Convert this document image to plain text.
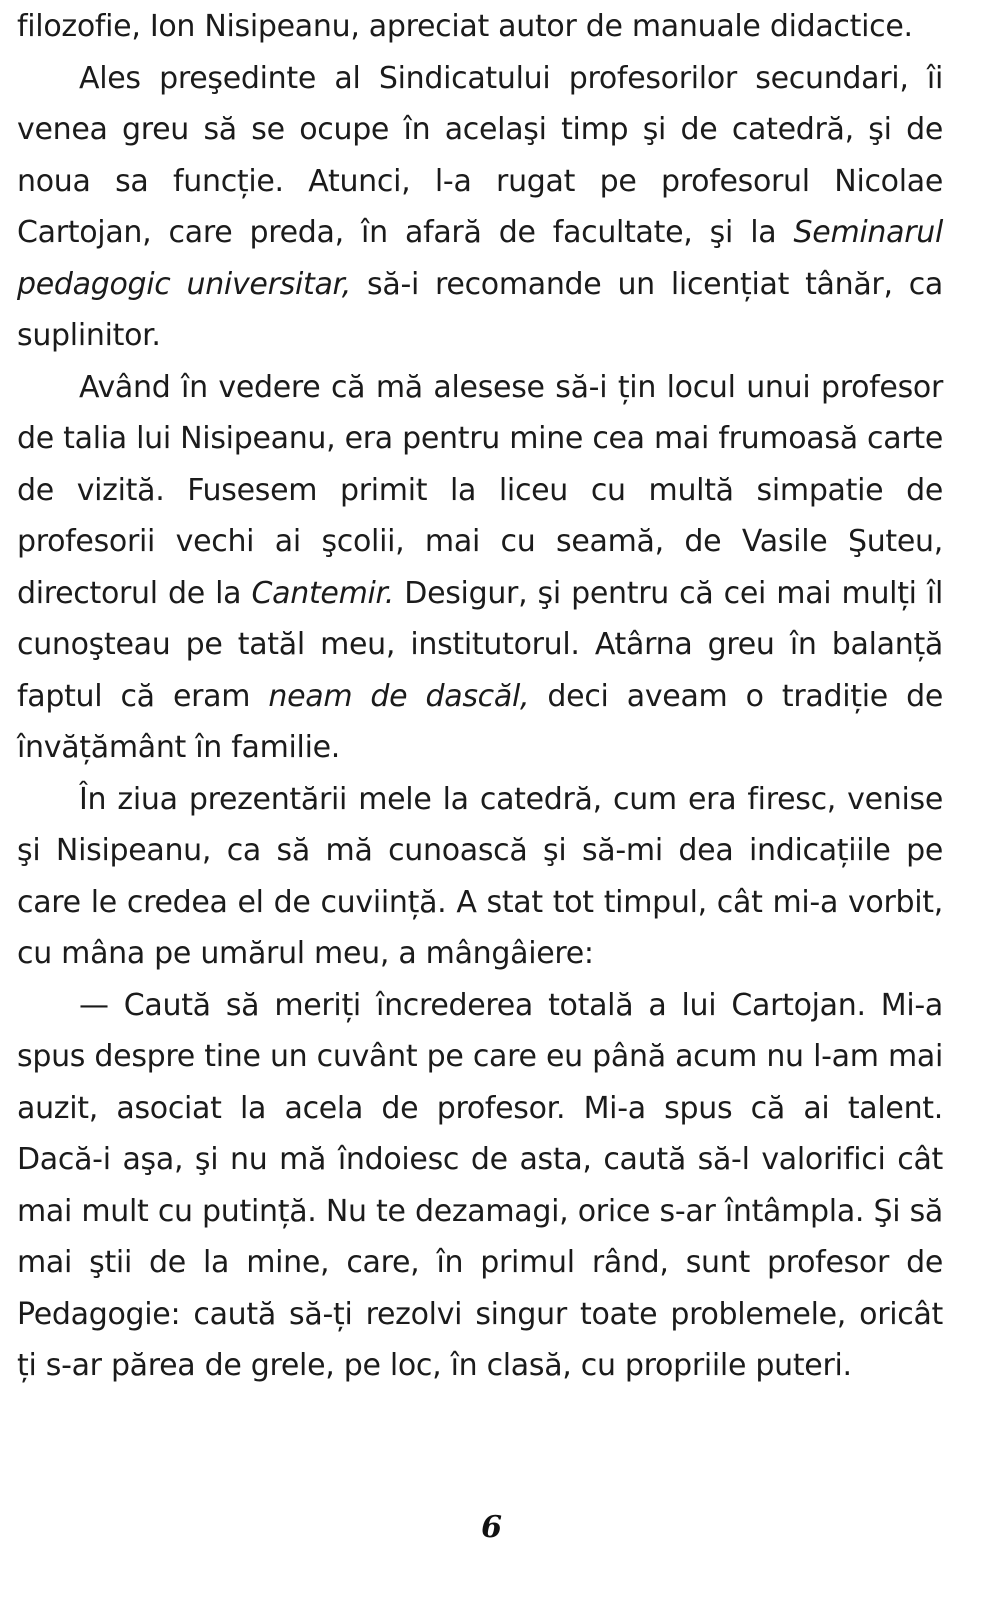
filozofie, Ion Nisipeanu, apreciat autor de manuale didactice.

Ales preşedinte al Sindicatului profesorilor secundari, îi venea greu să se ocupe în acelaşi timp şi de catedră, şi de noua sa funcție. Atunci, l-a rugat pe profesorul Nicolae Cartojan, care preda, în afară de facultate, şi la Seminarul pedagogic universitar, să-i recomande un licențiat tânăr, ca suplinitor.

Având în vedere că mă alesese să-i țin locul unui profesor de talia lui Nisipeanu, era pentru mine cea mai frumoasă carte de vizită. Fusesem primit la liceu cu multă simpatie de profesorii vechi ai şcolii, mai cu seamă, de Vasile Şuteu, directorul de la Cantemir. Desigur, şi pentru că cei mai mulți îl cunoşteau pe tatăl meu, institutorul. Atârna greu în balanță faptul că eram neam de dascăl, deci aveam o tradiție de învățământ în familie.

În ziua prezentării mele la catedră, cum era firesc, venise şi Nisipeanu, ca să mă cunoască şi să-mi dea indicațiile pe care le credea el de cuviință. A stat tot timpul, cât mi-a vorbit, cu mâna pe umărul meu, a mângâiere:

— Caută să meriți încrederea totală a lui Cartojan. Mi-a spus despre tine un cuvânt pe care eu până acum nu l-am mai auzit, asociat la acela de profesor. Mi-a spus că ai talent. Dacă-i aşa, şi nu mă îndoiesc de asta, caută să-l valorifici cât mai mult cu putință. Nu te dezamagi, orice s-ar întâmpla. Şi să mai ştii de la mine, care, în primul rând, sunt profesor de Pedagogie: caută să-ți rezolvi singur toate problemele, oricât ți s-ar părea de grele, pe loc, în clasă, cu propriile puteri.

6
